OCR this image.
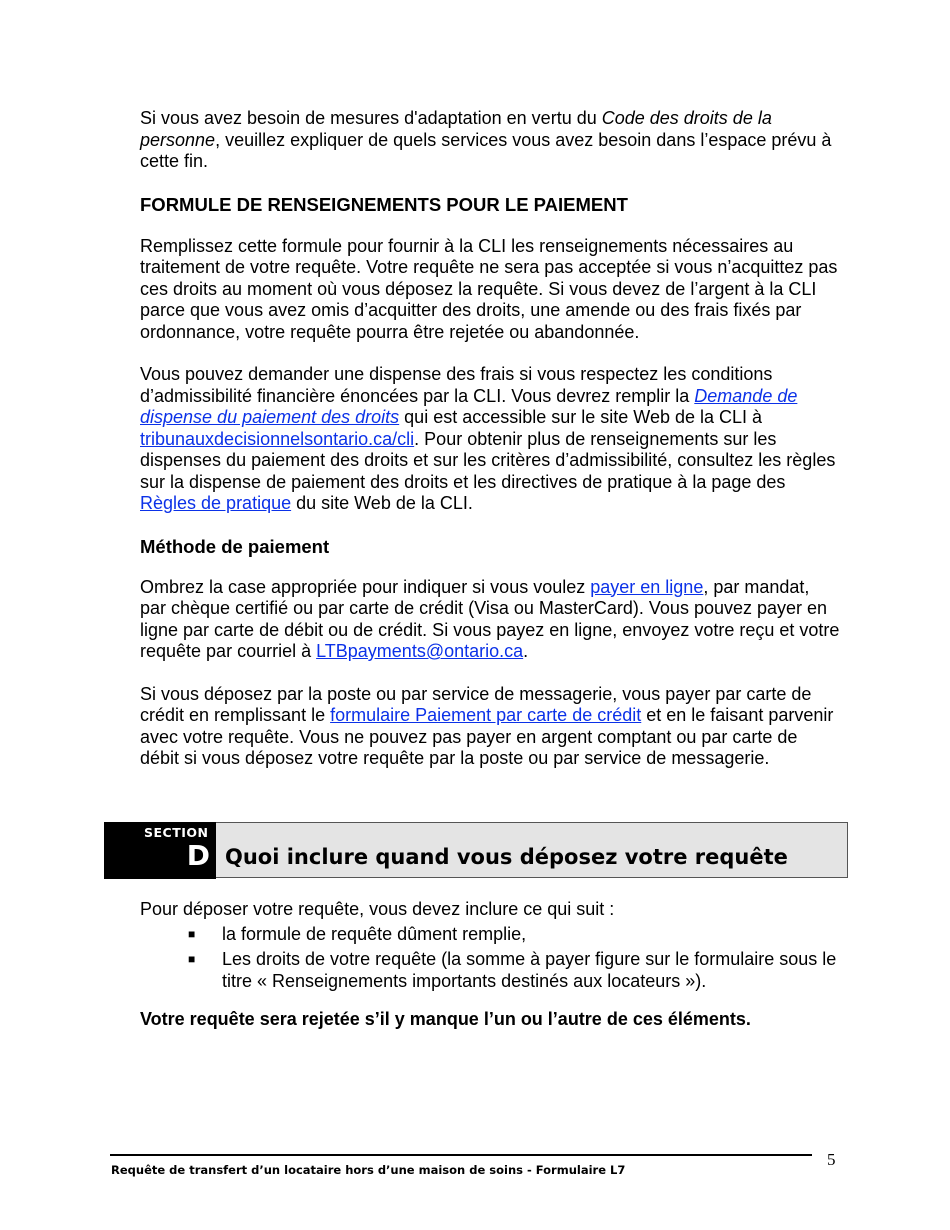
Si vous avez besoin de mesures d'adaptation en vertu du Code des droits de la personne, veuillez expliquer de quels services vous avez besoin dans l’espace prévu à cette fin.

FORMULE DE RENSEIGNEMENTS POUR LE PAIEMENT

Remplissez cette formule pour fournir à la CLI les renseignements nécessaires au traitement de votre requête. Votre requête ne sera pas acceptée si vous n’acquittez pas ces droits au moment où vous déposez la requête. Si vous devez de l’argent à la CLI parce que vous avez omis d’acquitter des droits, une amende ou des frais fixés par ordonnance, votre requête pourra être rejetée ou abandonnée.

Vous pouvez demander une dispense des frais si vous respectez les conditions d’admissibilité financière énoncées par la CLI. Vous devrez remplir la Demande de dispense du paiement des droits qui est accessible sur le site Web de la CLI à tribunauxdecisionnelsontario.ca/cli. Pour obtenir plus de renseignements sur les dispenses du paiement des droits et sur les critères d’admissibilité, consultez les règles sur la dispense de paiement des droits et les directives de pratique à la page des Règles de pratique du site Web de la CLI.

Méthode de paiement

Ombrez la case appropriée pour indiquer si vous voulez payer en ligne, par mandat, par chèque certifié ou par carte de crédit (Visa ou MasterCard). Vous pouvez payer en ligne par carte de débit ou de crédit. Si vous payez en ligne, envoyez votre reçu et votre requête par courriel à LTBpayments@ontario.ca.

Si vous déposez par la poste ou par service de messagerie, vous payer par carte de crédit en remplissant le formulaire Paiement par carte de crédit et en le faisant parvenir avec votre requête. Vous ne pouvez pas payer en argent comptant ou par carte de débit si vous déposez votre requête par la poste ou par service de messagerie.

SECTION
D Quoi inclure quand vous déposez votre requête

Pour déposer votre requête, vous devez inclure ce qui suit :

■ la formule de requête dûment remplie,
■ Les droits de votre requête (la somme à payer figure sur le formulaire sous le titre « Renseignements importants destinés aux locateurs »).

Votre requête sera rejetée s’il y manque l’un ou l’autre de ces éléments.

Requête de transfert d’un locataire hors d’une maison de soins - Formulaire L7
5
